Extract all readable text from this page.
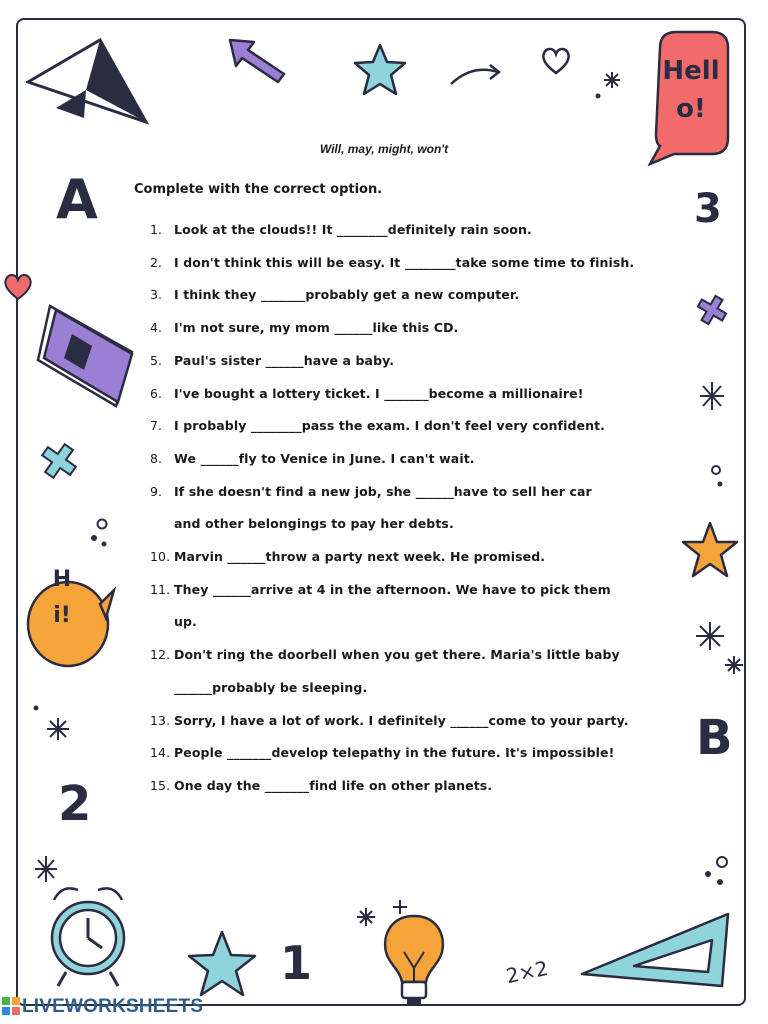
Hello!
A	3
Hi!
B
2
1	2×2
Will, may, might, won't
Complete with the correct option.
1. Look at the clouds!! It ________definitely rain soon.
2. I don't think this will be easy. It ________take some time to finish.
3. I think they _______probably get a new computer.
4. I'm not sure, my mom ______like this CD.
5. Paul's sister ______have a baby.
6. I've bought a lottery ticket. I _______become a millionaire!
7. I probably ________pass the exam. I don't feel very confident.
8. We ______fly to Venice in June. I can't wait.
9. If she doesn't find a new job, she ______have to sell her car
and other belongings to pay her debts.
10. Marvin ______throw a party next week. He promised.
11. They ______arrive at 4 in the afternoon. We have to pick them
up.
12. Don't ring the doorbell when you get there. Maria's little baby
______probably be sleeping.
13. Sorry, I have a lot of work. I definitely ______come to your party.
14. People _______develop telepathy in the future. It's impossible!
15. One day the _______find life on other planets.
LIVEWORKSHEETS
